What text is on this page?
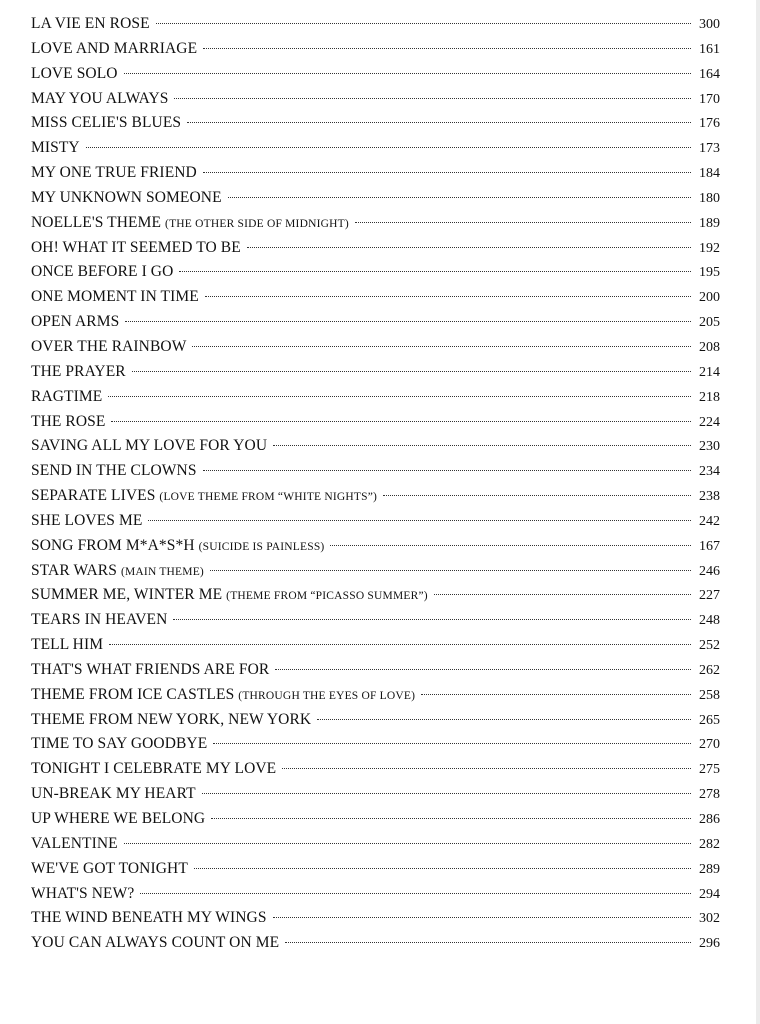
LA VIE EN ROSE	300
LOVE AND MARRIAGE	161
LOVE SOLO	164
MAY YOU ALWAYS	170
MISS CELIE'S BLUES	176
MISTY	173
MY ONE TRUE FRIEND	184
MY UNKNOWN SOMEONE	180
NOELLE'S THEME (THE OTHER SIDE OF MIDNIGHT)	189
OH! WHAT IT SEEMED TO BE	192
ONCE BEFORE I GO	195
ONE MOMENT IN TIME	200
OPEN ARMS	205
OVER THE RAINBOW	208
THE PRAYER	214
RAGTIME	218
THE ROSE	224
SAVING ALL MY LOVE FOR YOU	230
SEND IN THE CLOWNS	234
SEPARATE LIVES (LOVE THEME FROM “WHITE NIGHTS”)	238
SHE LOVES ME	242
SONG FROM M*A*S*H (SUICIDE IS PAINLESS)	167
STAR WARS (MAIN THEME)	246
SUMMER ME, WINTER ME (THEME FROM “PICASSO SUMMER”)	227
TEARS IN HEAVEN	248
TELL HIM	252
THAT'S WHAT FRIENDS ARE FOR	262
THEME FROM ICE CASTLES (THROUGH THE EYES OF LOVE)	258
THEME FROM NEW YORK, NEW YORK	265
TIME TO SAY GOODBYE	270
TONIGHT I CELEBRATE MY LOVE	275
UN-BREAK MY HEART	278
UP WHERE WE BELONG	286
VALENTINE	282
WE'VE GOT TONIGHT	289
WHAT'S NEW?	294
THE WIND BENEATH MY WINGS	302
YOU CAN ALWAYS COUNT ON ME	296
